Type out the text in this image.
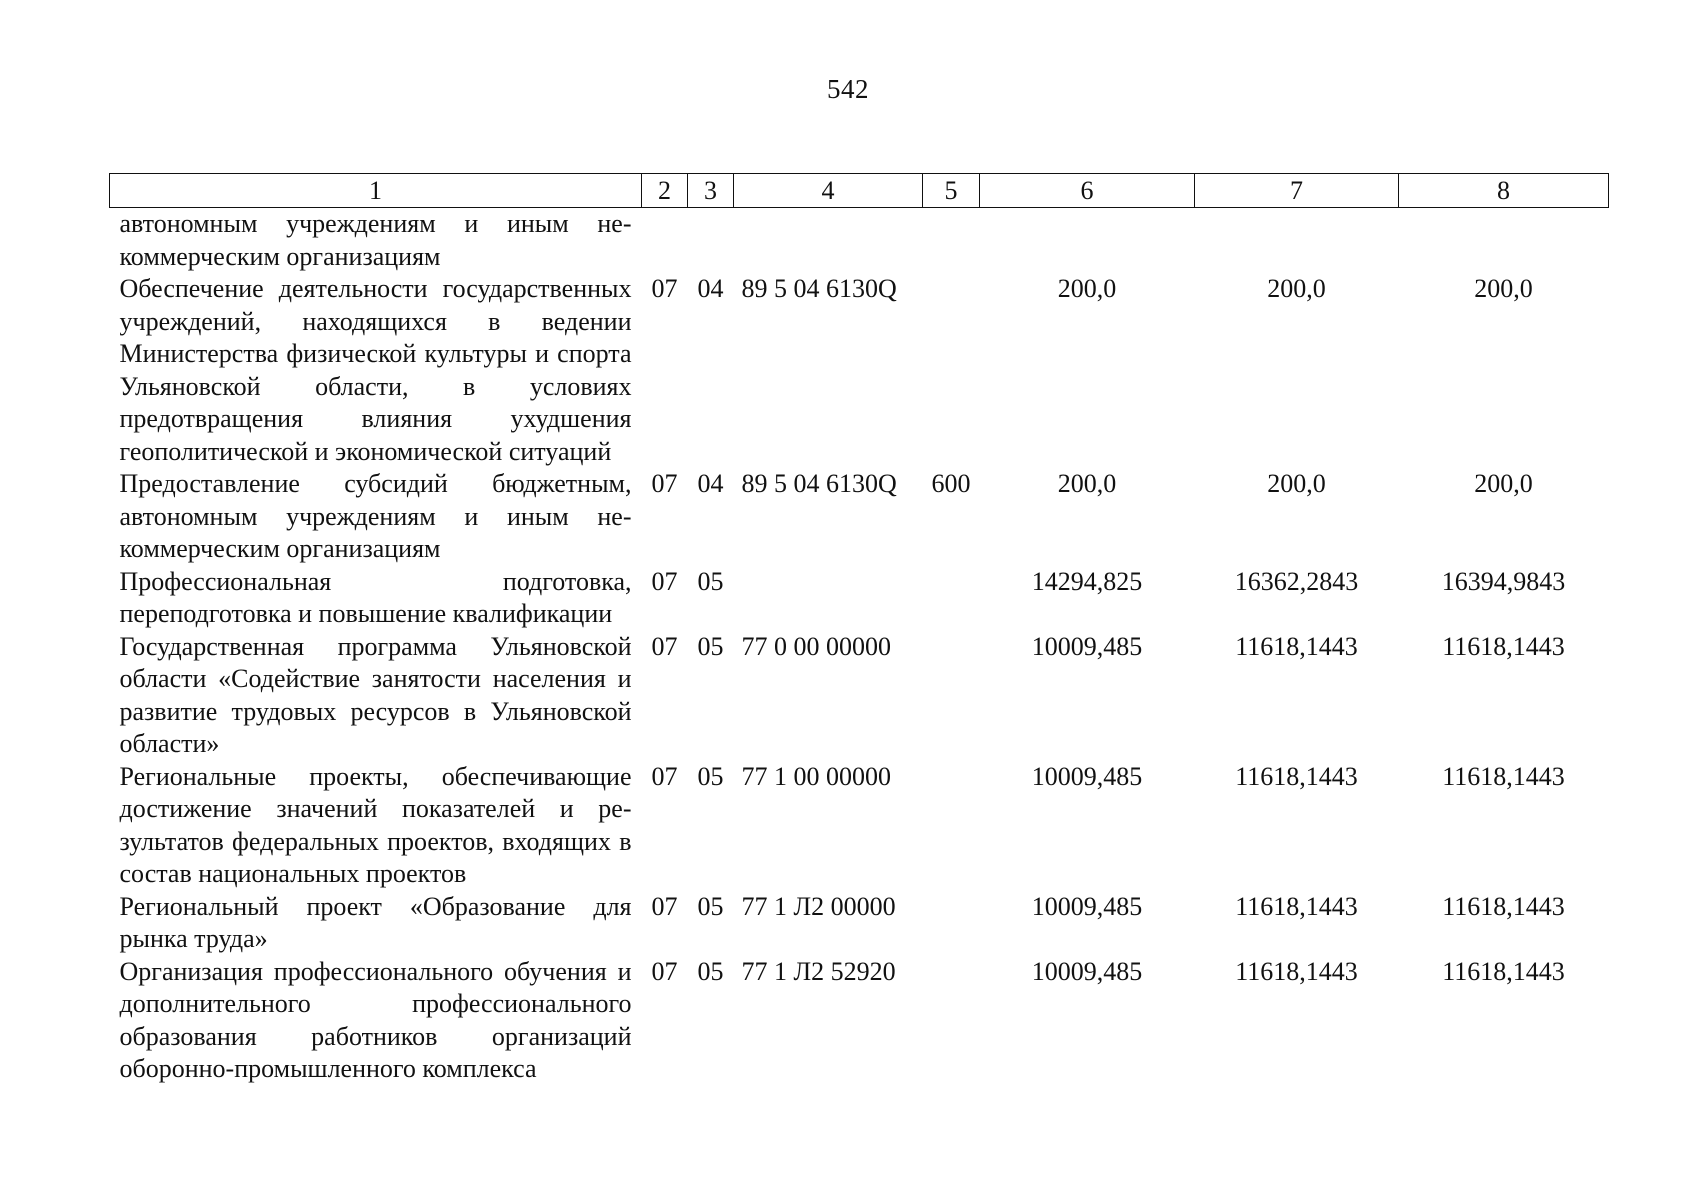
542
1	2	3	4	5	6	7	8
автономным учреждениям и иным некоммерческим организациям							
Обеспечение деятельности государственных учреждений, находящихся в ведении Министерства физической культуры и спорта Ульяновской области, в условиях предотвращения влияния ухудшения геополитической и экономической ситуаций	07	04	89 5 04 6130Q		200,0	200,0	200,0
Предоставление субсидий бюджетным, автономным учреждениям и иным некоммерческим организациям	07	04	89 5 04 6130Q	600	200,0	200,0	200,0
Профессиональная подготовка, переподготовка и повышение квалификации	07	05			14294,825	16362,2843	16394,9843
Государственная программа Ульяновской области «Содействие занятости населения и развитие трудовых ресурсов в Ульяновской области»	07	05	77 0 00 00000		10009,485	11618,1443	11618,1443
Региональные проекты, обеспечивающие достижение значений показателей и результатов федеральных проектов, входящих в состав национальных проектов	07	05	77 1 00 00000		10009,485	11618,1443	11618,1443
Региональный проект «Образование для рынка труда»	07	05	77 1 Л2 00000		10009,485	11618,1443	11618,1443
Организация профессионального обучения и дополнительного профессионального образования работников организаций оборонно-промышленного комплекса	07	05	77 1 Л2 52920		10009,485	11618,1443	11618,1443
